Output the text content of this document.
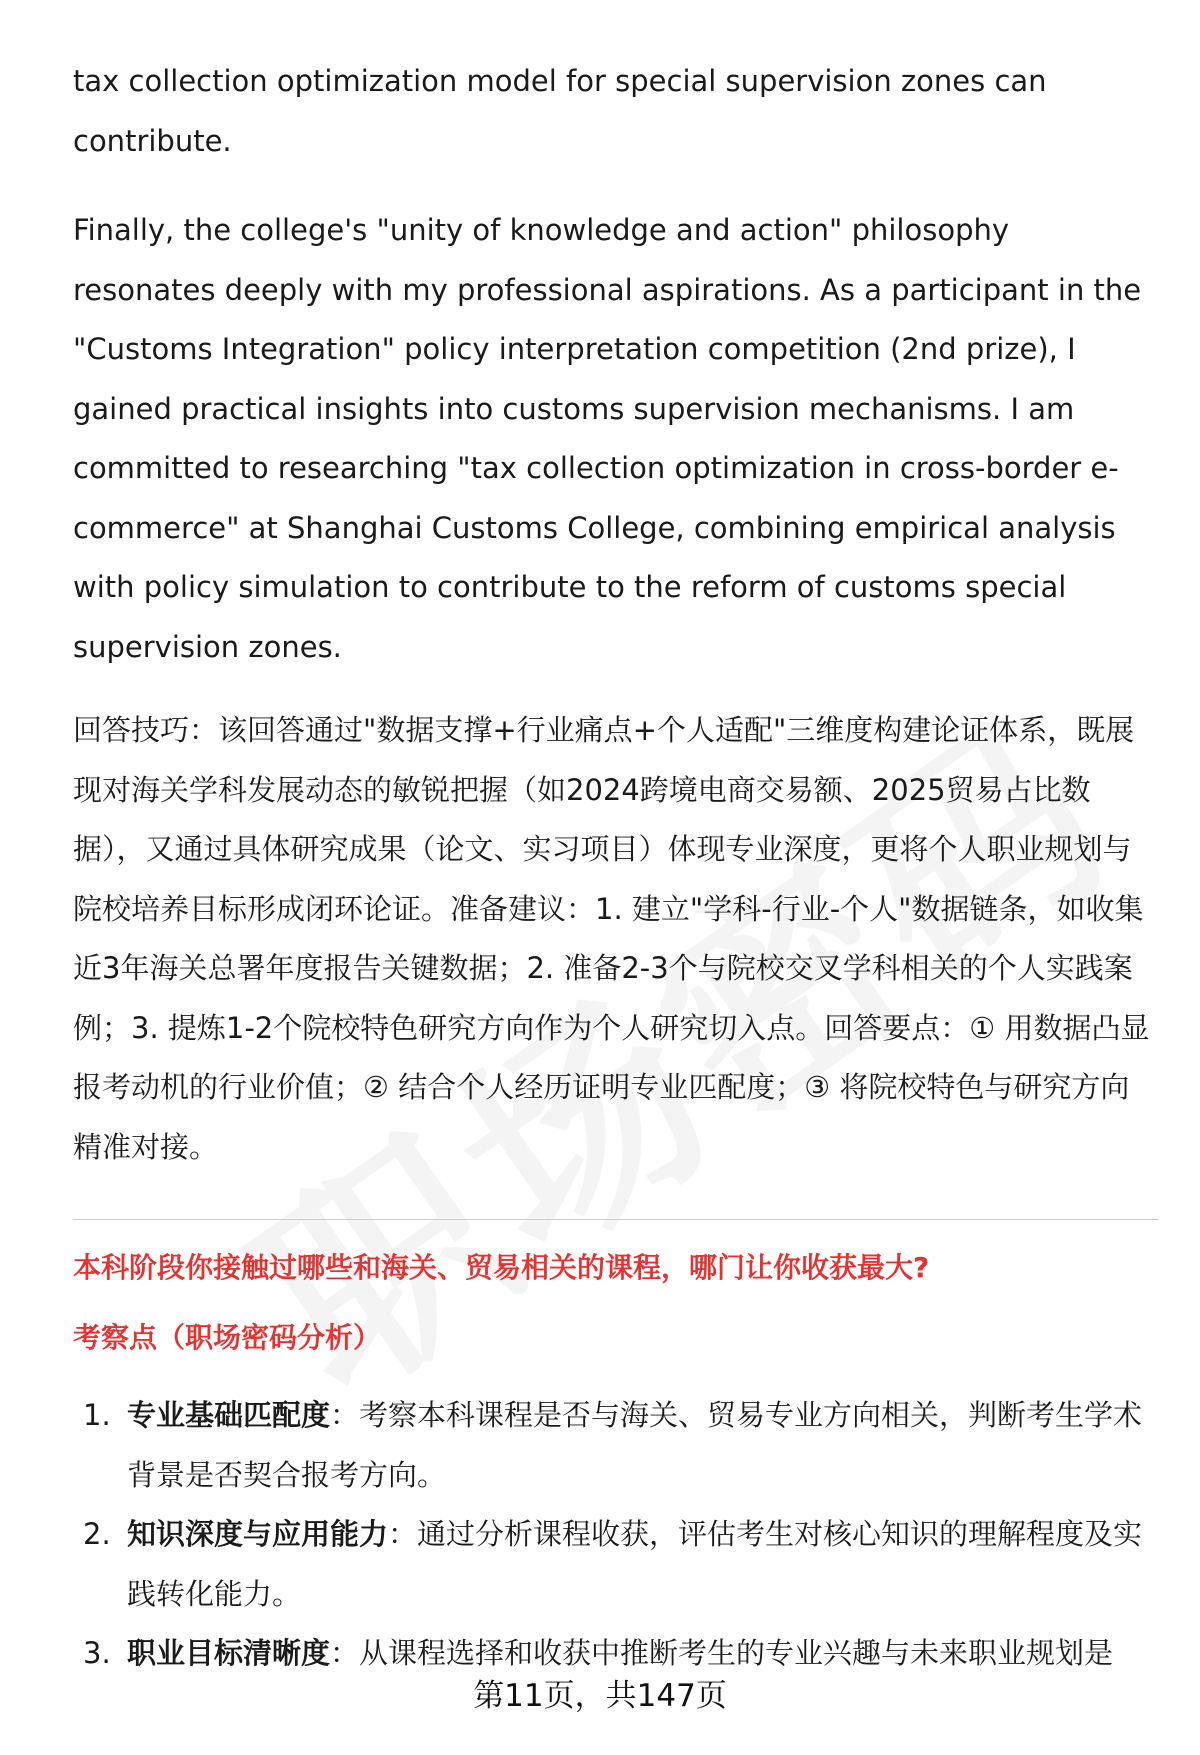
tax collection optimization model for special supervision zones can contribute.

Finally, the college's "unity of knowledge and action" philosophy resonates deeply with my professional aspirations. As a participant in the "Customs Integration" policy interpretation competition (2nd prize), I gained practical insights into customs supervision mechanisms. I am committed to researching "tax collection optimization in cross-border e-commerce" at Shanghai Customs College, combining empirical analysis with policy simulation to contribute to the reform of customs special supervision zones.

回答技巧：该回答通过"数据支撑+行业痛点+个人适配"三维度构建论证体系，既展现对海关学科发展动态的敏锐把握（如2024跨境电商交易额、2025贸易占比数据），又通过具体研究成果（论文、实习项目）体现专业深度，更将个人职业规划与院校培养目标形成闭环论证。准备建议：1. 建立"学科-行业-个人"数据链条，如收集近3年海关总署年度报告关键数据；2. 准备2-3个与院校交叉学科相关的个人实践案例；3. 提炼1-2个院校特色研究方向作为个人研究切入点。回答要点：① 用数据凸显报考动机的行业价值；② 结合个人经历证明专业匹配度；③ 将院校特色与研究方向精准对接。

本科阶段你接触过哪些和海关、贸易相关的课程，哪门让你收获最大?
考察点（职场密码分析）
1. 专业基础匹配度：考察本科课程是否与海关、贸易专业方向相关，判断考生学术背景是否契合报考方向。
2. 知识深度与应用能力：通过分析课程收获，评估考生对核心知识的理解程度及实践转化能力。
3. 职业目标清晰度：从课程选择和收获中推断考生的专业兴趣与未来职业规划是
第11页，共147页
